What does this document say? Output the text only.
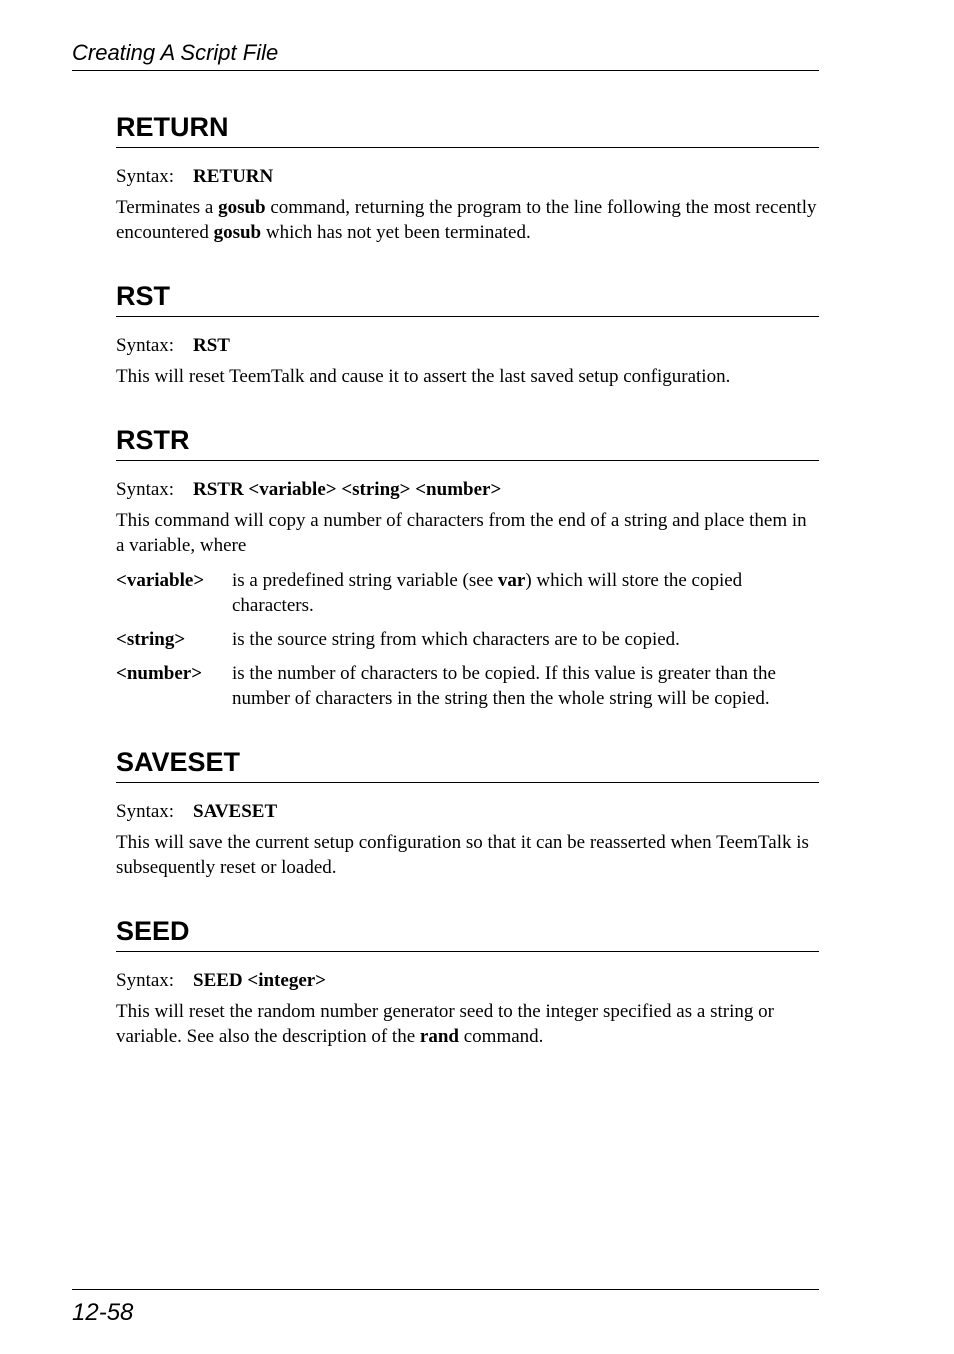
Creating A Script File
RETURN
Syntax: RETURN

Terminates a gosub command, returning the program to the line following the most recently encountered gosub which has not yet been terminated.

RST
Syntax: RST

This will reset TeemTalk and cause it to assert the last saved setup configuration.

RSTR
Syntax: RSTR <variable> <string> <number>

This command will copy a number of characters from the end of a string and place them in a variable, where

<variable>	is a predefined string variable (see var) which will store the copied characters.
<string>	is the source string from which characters are to be copied.
<number>	is the number of characters to be copied. If this value is greater than the number of characters in the string then the whole string will be copied.
SAVESET
Syntax: SAVESET

This will save the current setup configuration so that it can be reasserted when TeemTalk is subsequently reset or loaded.

SEED
Syntax: SEED <integer>

This will reset the random number generator seed to the integer specified as a string or variable. See also the description of the rand command.

12-58
